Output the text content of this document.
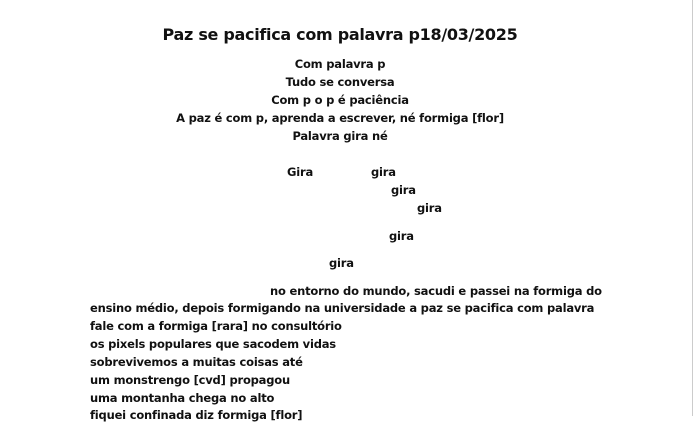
Paz se pacifica com palavra p18/03/2025
Com palavra p
Tudo se conversa
Com p o p é paciência
A paz é com p, aprenda a escrever, né formiga [flor]
Palavra gira né
Gira	gira
gira
gira
gira
gira
no entorno do mundo, sacudi e passei na formiga do
ensino médio, depois formigando na universidade a paz se pacifica com palavra
fale com a formiga [rara] no consultório
os pixels populares que sacodem vidas
sobrevivemos a muitas coisas até
um monstrengo [cvd] propagou
uma montanha chega no alto
fiquei confinada diz formiga [flor]
